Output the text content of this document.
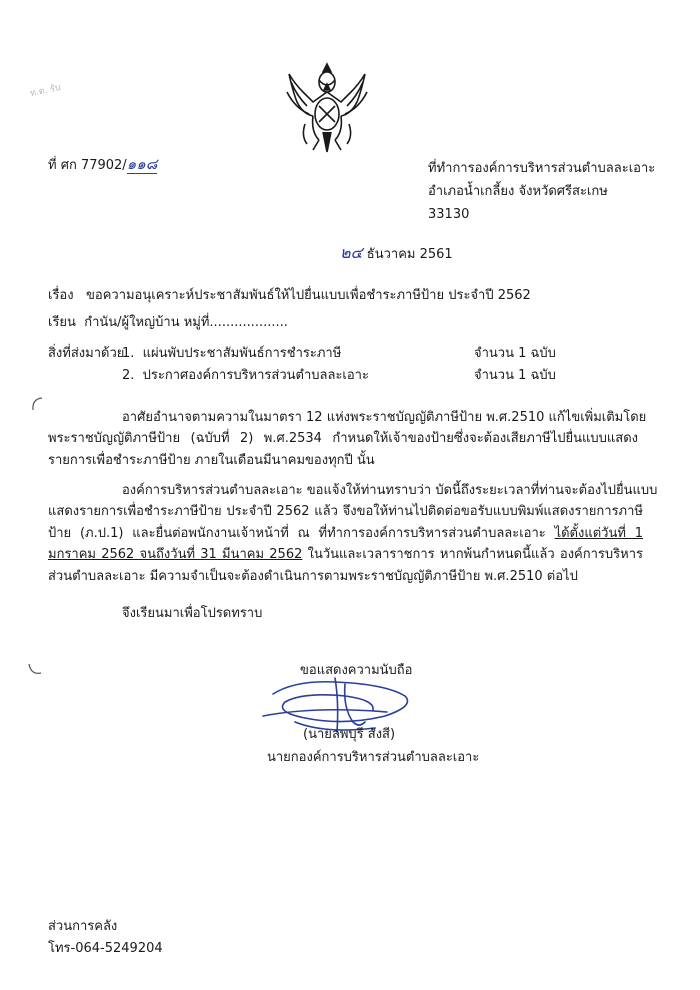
ท.ต. รับ
ที่ ศก 77902/๑๑๘	ที่ทำการองค์การบริหารส่วนตำบลละเอาะ
อำเภอน้ำเกลี้ยง จังหวัดศรีสะเกษ
33130
๒๔ ธันวาคม 2561
เรื่อง ขอความอนุเคราะห์ประชาสัมพันธ์ให้ไปยื่นแบบเพื่อชำระภาษีป้าย ประจำปี 2562
เรียน กำนัน/ผู้ใหญ่บ้าน หมู่ที่...................
สิ่งที่ส่งมาด้วย
1. แผ่นพับประชาสัมพันธ์การชำระภาษี	จำนวน 1 ฉบับ
2. ประกาศองค์การบริหารส่วนตำบลละเอาะ	จำนวน 1 ฉบับ
อาศัยอำนาจตามความในมาตรา 12 แห่งพระราชบัญญัติภาษีป้าย พ.ศ.2510 แก้ไขเพิ่มเติมโดย
พระราชบัญญัติภาษีป้าย (ฉบับที่ 2) พ.ศ.2534 กำหนดให้เจ้าของป้ายซึ่งจะต้องเสียภาษีไปยื่นแบบแสดงรายการเพื่อชำระภาษีป้าย ภายในเดือนมีนาคมของทุกปี นั้น
องค์การบริหารส่วนตำบลละเอาะ ขอแจ้งให้ท่านทราบว่า บัดนี้ถึงระยะเวลาที่ท่านจะต้องไปยื่นแบบ
แสดงรายการเพื่อชำระภาษีป้าย ประจำปี 2562 แล้ว จึงขอให้ท่านไปติดต่อขอรับแบบพิมพ์แสดงรายการภาษีป้าย (ภ.ป.1) และยื่นต่อพนักงานเจ้าหน้าที่ ณ ที่ทำการองค์การบริหารส่วนตำบลละเอาะ ได้ตั้งแต่วันที่ 1 มกราคม 2562 จนถึงวันที่ 31 มีนาคม 2562 ในวันและเวลาราชการ หากพ้นกำหนดนี้แล้ว องค์การบริหารส่วนตำบลละเอาะ มีความจำเป็นจะต้องดำเนินการตามพระราชบัญญัติภาษีป้าย พ.ศ.2510 ต่อไป
จึงเรียนมาเพื่อโปรดทราบ
ขอแสดงความนับถือ
(นายลพบุรี สังสี)
นายกองค์การบริหารส่วนตำบลละเอาะ
ส่วนการคลัง
โทร-064-5249204
